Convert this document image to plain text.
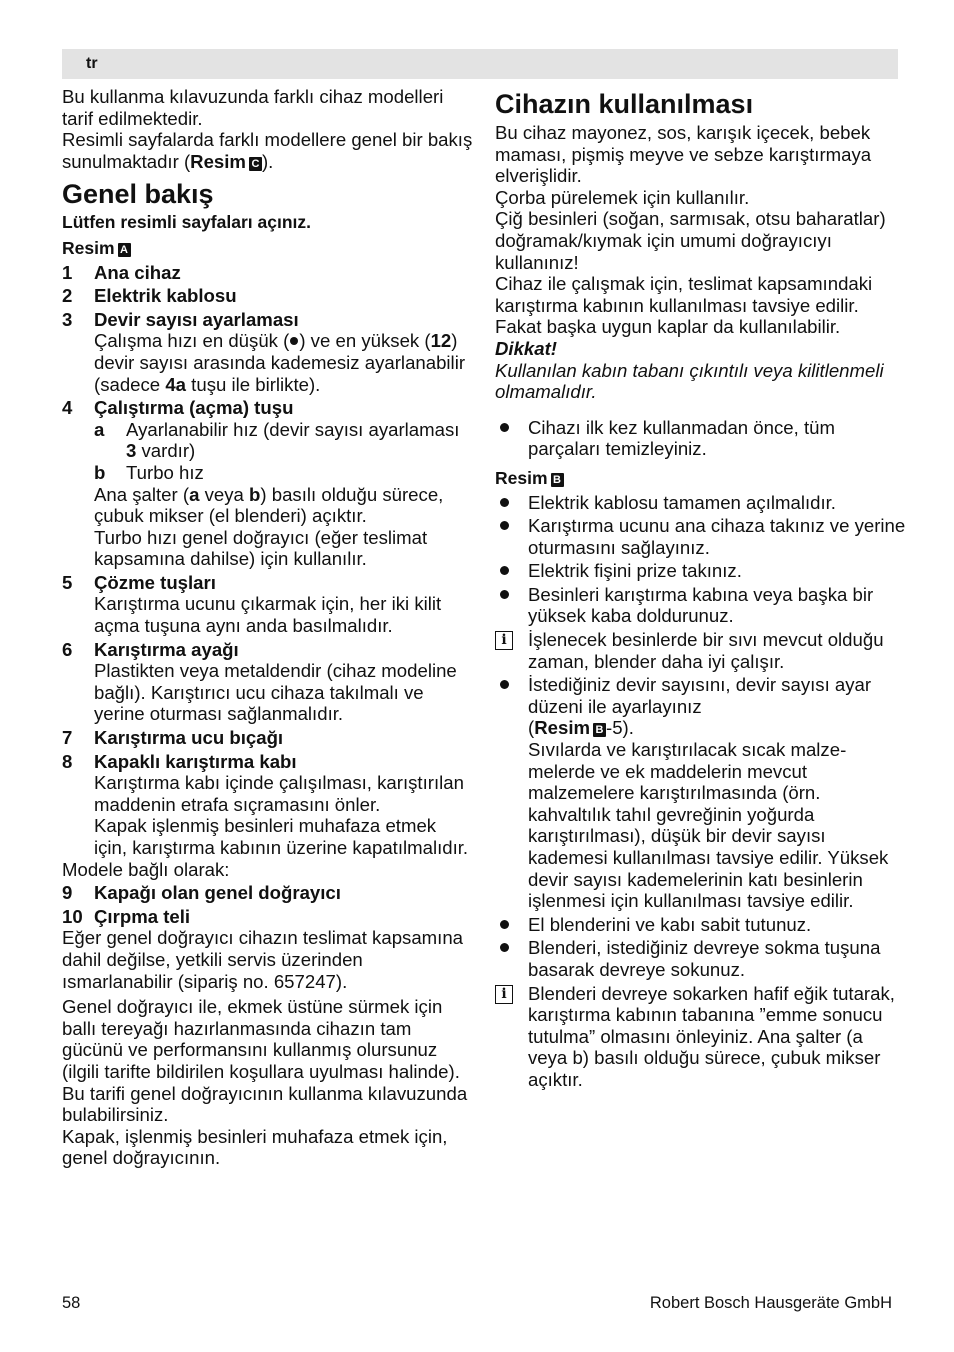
tr

Bu kullanma kılavuzunda farklı cihaz modelleri tarif edilmektedir.

Resimli sayfalarda farklı modellere genel bir bakış sunulmaktadır (Resim C ).

Genel bakış

Lütfen resimli sayfaları açınız.

Resim A

1	Ana cihaz
2	Elektrik kablosu
3	Devir sayısı ayarlaması
Çalışma hızı en düşük ( ) ve en yüksek (12) devir sayısı arasında kademesiz ayarlanabilir (sadece 4a tuşu ile birlikte).
4	Çalıştırma (açma) tuşu
a	Ayarlanabilir hız (devir sayısı ayarlaması 3 vardır)
b	Turbo hız
Ana şalter (a veya b) basılı olduğu sürece, çubuk mikser (el blenderi) açıktır.
Turbo hızı genel doğrayıcı (eğer teslimat kapsamına dahilse) için kullanılır.
5	Çözme tuşları
Karıştırma ucunu çıkarmak için, her iki kilit açma tuşuna aynı anda basılmalıdır.
6	Karıştırma ayağı
Plastikten veya metaldendir (cihaz modeline bağlı). Karıştırıcı ucu cihaza takılmalı ve yerine oturması sağlanmalıdır.
7	Karıştırma ucu bıçağı
8	Kapaklı karıştırma kabı
Karıştırma kabı içinde çalışılması, karıştırılan maddenin etrafa sıçramasını önler.
Kapak işlenmiş besinleri muhafaza etmek için, karıştırma kabının üzerine kapatılmalıdır.

Modele bağlı olarak:

9	Kapağı olan genel doğrayıcı
10 Çırpma teli

Eğer genel doğrayıcı cihazın teslimat kapsamına dahil değilse, yetkili servis üzerinden ısmarlanabilir (sipariş no. 657247).

Genel doğrayıcı ile, ekmek üstüne sürmek için ballı tereyağı hazırlanmasında cihazın tam gücünü ve performansını kullanmış olursunuz (ilgili tarifte bildirilen koşullara uyulması halinde). Bu tarifi genel doğrayıcının kullanma kılavuzunda bulabilirsiniz.

Kapak, işlenmiş besinleri muhafaza etmek için, genel doğrayıcının.

Cihazın kullanılması

Bu cihaz mayonez, sos, karışık içecek, bebek maması, pişmiş meyve ve sebze karıştırmaya elverişlidir.

Çorba pürelemek için kullanılır.

Çiğ besinleri (soğan, sarmısak, otsu baharatlar) doğramak/kıymak için umumi doğrayıcıyı kullanınız!

Cihaz ile çalışmak için, teslimat kapsamındaki karıştırma kabının kullanılması tavsiye edilir. Fakat başka uygun kaplar da kullanılabilir.

Dikkat!

Kullanılan kabın tabanı çıkıntılı veya kilitlenmeli olmamalıdır.

Cihazı ilk kez kullanmadan önce, tüm parçaları temizleyiniz.

Resim B

Elektrik kablosu tamamen açılmalıdır.
Karıştırma ucunu ana cihaza takınız ve yerine oturmasını sağlayınız.
Elektrik fişini prize takınız.
Besinleri karıştırma kabına veya başka bir yüksek kaba doldurunuz.
i	İşlenecek besinlerde bir sıvı mevcut olduğu zaman, blender daha iyi çalışır.
İstediğiniz devir sayısını, devir sayısı ayar düzeni ile ayarlayınız
(Resim B -5).
Sıvılarda ve karıştırılacak sıcak malzemelerde ve ek maddelerin mevcut malzemelere karıştırılmasında (örn. kahvaltılık tahıl gevreğinin yoğurda karıştırılması), düşük bir devir sayısı kademesi kullanılması tavsiye edilir. Yüksek devir sayısı kademelerinin katı besinlerin işlenmesi için kullanılması tavsiye edilir.
El blenderini ve kabı sabit tutunuz.
Blenderi, istediğiniz devreye sokma tuşuna basarak devreye sokunuz.
i	Blenderi devreye sokarken hafif eğik tutarak, karıştırma kabının tabanına ”emme sonucu tutulma” olmasını önleyiniz. Ana şalter (a veya b) basılı olduğu sürece, çubuk mikser açıktır.
58	Robert Bosch Hausgeräte GmbH
